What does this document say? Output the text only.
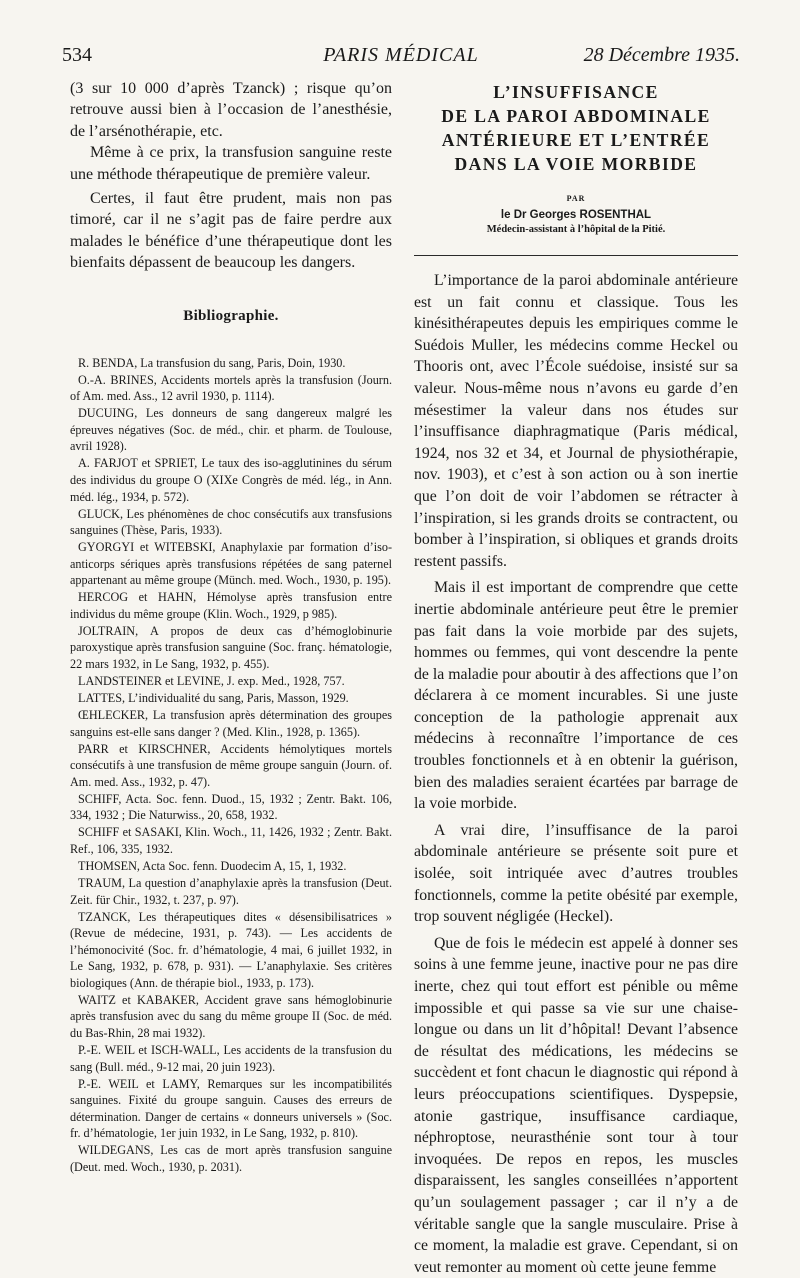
534	PARIS MÉDICAL	28 Décembre 1935.

(3 sur 10 000 d’après Tzanck) ; risque qu’on retrouve aussi bien à l’occasion de l’anesthésie, de l’arsénothérapie, etc.

Même à ce prix, la transfusion sanguine reste une méthode thérapeutique de première valeur.

Certes, il faut être prudent, mais non pas timoré, car il ne s’agit pas de faire perdre aux malades le bénéfice d’une thérapeutique dont les bienfaits dépassent de beaucoup les dangers.

Bibliographie.

R. BENDA, La transfusion du sang, Paris, Doin, 1930.

O.-A. BRINES, Accidents mortels après la transfusion (Journ. of Am. med. Ass., 12 avril 1930, p. 1114).

DUCUING, Les donneurs de sang dangereux malgré les épreuves négatives (Soc. de méd., chir. et pharm. de Toulouse, avril 1928).

A. FARJOT et SPRIET, Le taux des iso-agglutinines du sérum des individus du groupe O (XIXe Congrès de méd. lég., in Ann. méd. lég., 1934, p. 572).

GLUCK, Les phénomènes de choc consécutifs aux transfusions sanguines (Thèse, Paris, 1933).

GYORGYI et WITEBSKI, Anaphylaxie par formation d’iso-anticorps sériques après transfusions répétées de sang paternel appartenant au même groupe (Münch. med. Woch., 1930, p. 195).

HERCOG et HAHN, Hémolyse après transfusion entre individus du même groupe (Klin. Woch., 1929, p 985).

JOLTRAIN, A propos de deux cas d’hémoglobinurie paroxystique après transfusion sanguine (Soc. franç. hématologie, 22 mars 1932, in Le Sang, 1932, p. 455).

LANDSTEINER et LEVINE, J. exp. Med., 1928, 757.

LATTES, L’individualité du sang, Paris, Masson, 1929.

ŒHLECKER, La transfusion après détermination des groupes sanguins est-elle sans danger ? (Med. Klin., 1928, p. 1365).

PARR et KIRSCHNER, Accidents hémolytiques mortels consécutifs à une transfusion de même groupe sanguin (Journ. of. Am. med. Ass., 1932, p. 47).

SCHIFF, Acta. Soc. fenn. Duod., 15, 1932 ; Zentr. Bakt. 106, 334, 1932 ; Die Naturwiss., 20, 658, 1932.

SCHIFF et SASAKI, Klin. Woch., 11, 1426, 1932 ; Zentr. Bakt. Ref., 106, 335, 1932.

THOMSEN, Acta Soc. fenn. Duodecim A, 15, 1, 1932.

TRAUM, La question d’anaphylaxie après la transfusion (Deut. Zeit. für Chir., 1932, t. 237, p. 97).

TZANCK, Les thérapeutiques dites « désensibilisatrices » (Revue de médecine, 1931, p. 743). — Les accidents de l’hémonocivité (Soc. fr. d’hématologie, 4 mai, 6 juillet 1932, in Le Sang, 1932, p. 678, p. 931). — L’anaphylaxie. Ses critères biologiques (Ann. de thérapie biol., 1933, p. 173).

WAITZ et KABAKER, Accident grave sans hémoglobinurie après transfusion avec du sang du même groupe II (Soc. de méd. du Bas-Rhin, 28 mai 1932).

P.-E. WEIL et ISCH-WALL, Les accidents de la transfusion du sang (Bull. méd., 9-12 mai, 20 juin 1923).

P.-E. WEIL et LAMY, Remarques sur les incompatibilités sanguines. Fixité du groupe sanguin. Causes des erreurs de détermination. Danger de certains « donneurs universels » (Soc. fr. d’hématologie, 1er juin 1932, in Le Sang, 1932, p. 810).

WILDEGANS, Les cas de mort après transfusion sanguine (Deut. med. Woch., 1930, p. 2031).

L’INSUFFISANCE
DE LA PAROI ABDOMINALE
ANTÉRIEURE ET L’ENTRÉE
DANS LA VOIE MORBIDE
PAR
le Dr Georges ROSENTHAL
Médecin-assistant à l’hôpital de la Pitié.

L’importance de la paroi abdominale antérieure est un fait connu et classique. Tous les kinésithérapeutes depuis les empiriques comme le Suédois Muller, les médecins comme Heckel ou Thooris ont, avec l’École suédoise, insisté sur sa valeur. Nous-même nous n’avons eu garde d’en mésestimer la valeur dans nos études sur l’insuffisance diaphragmatique (Paris médical, 1924, nos 32 et 34, et Journal de physiothérapie, nov. 1903), et c’est à son action ou à son inertie que l’on doit de voir l’abdomen se rétracter à l’inspiration, si les grands droits se contractent, ou bomber à l’inspiration, si obliques et grands droits restent passifs.

Mais il est important de comprendre que cette inertie abdominale antérieure peut être le premier pas fait dans la voie morbide par des sujets, hommes ou femmes, qui vont descendre la pente de la maladie pour aboutir à des affections que l’on déclarera à ce moment incurables. Si une juste conception de la pathologie apprenait aux médecins à reconnaître l’importance de ces troubles fonctionnels et à en obtenir la guérison, bien des maladies seraient écartées par barrage de la voie morbide.

A vrai dire, l’insuffisance de la paroi abdominale antérieure se présente soit pure et isolée, soit intriquée avec d’autres troubles fonctionnels, comme la petite obésité par exemple, trop souvent négligée (Heckel).

Que de fois le médecin est appelé à donner ses soins à une femme jeune, inactive pour ne pas dire inerte, chez qui tout effort est pénible ou même impossible et qui passe sa vie sur une chaise-longue ou dans un lit d’hôpital! Devant l’absence de résultat des médications, les médecins se succèdent et font chacun le diagnostic qui répond à leurs préoccupations scientifiques. Dyspepsie, atonie gastrique, insuffisance cardiaque, néphroptose, neurasthénie sont tour à tour invoquées. De repos en repos, les muscles disparaissent, les sangles conseillées n’apportent qu’un soulagement passager ; car il n’y a de véritable sangle que la sangle musculaire. Prise à ce moment, la maladie est grave. Cependant, si on veut remonter au moment où cette jeune femme
